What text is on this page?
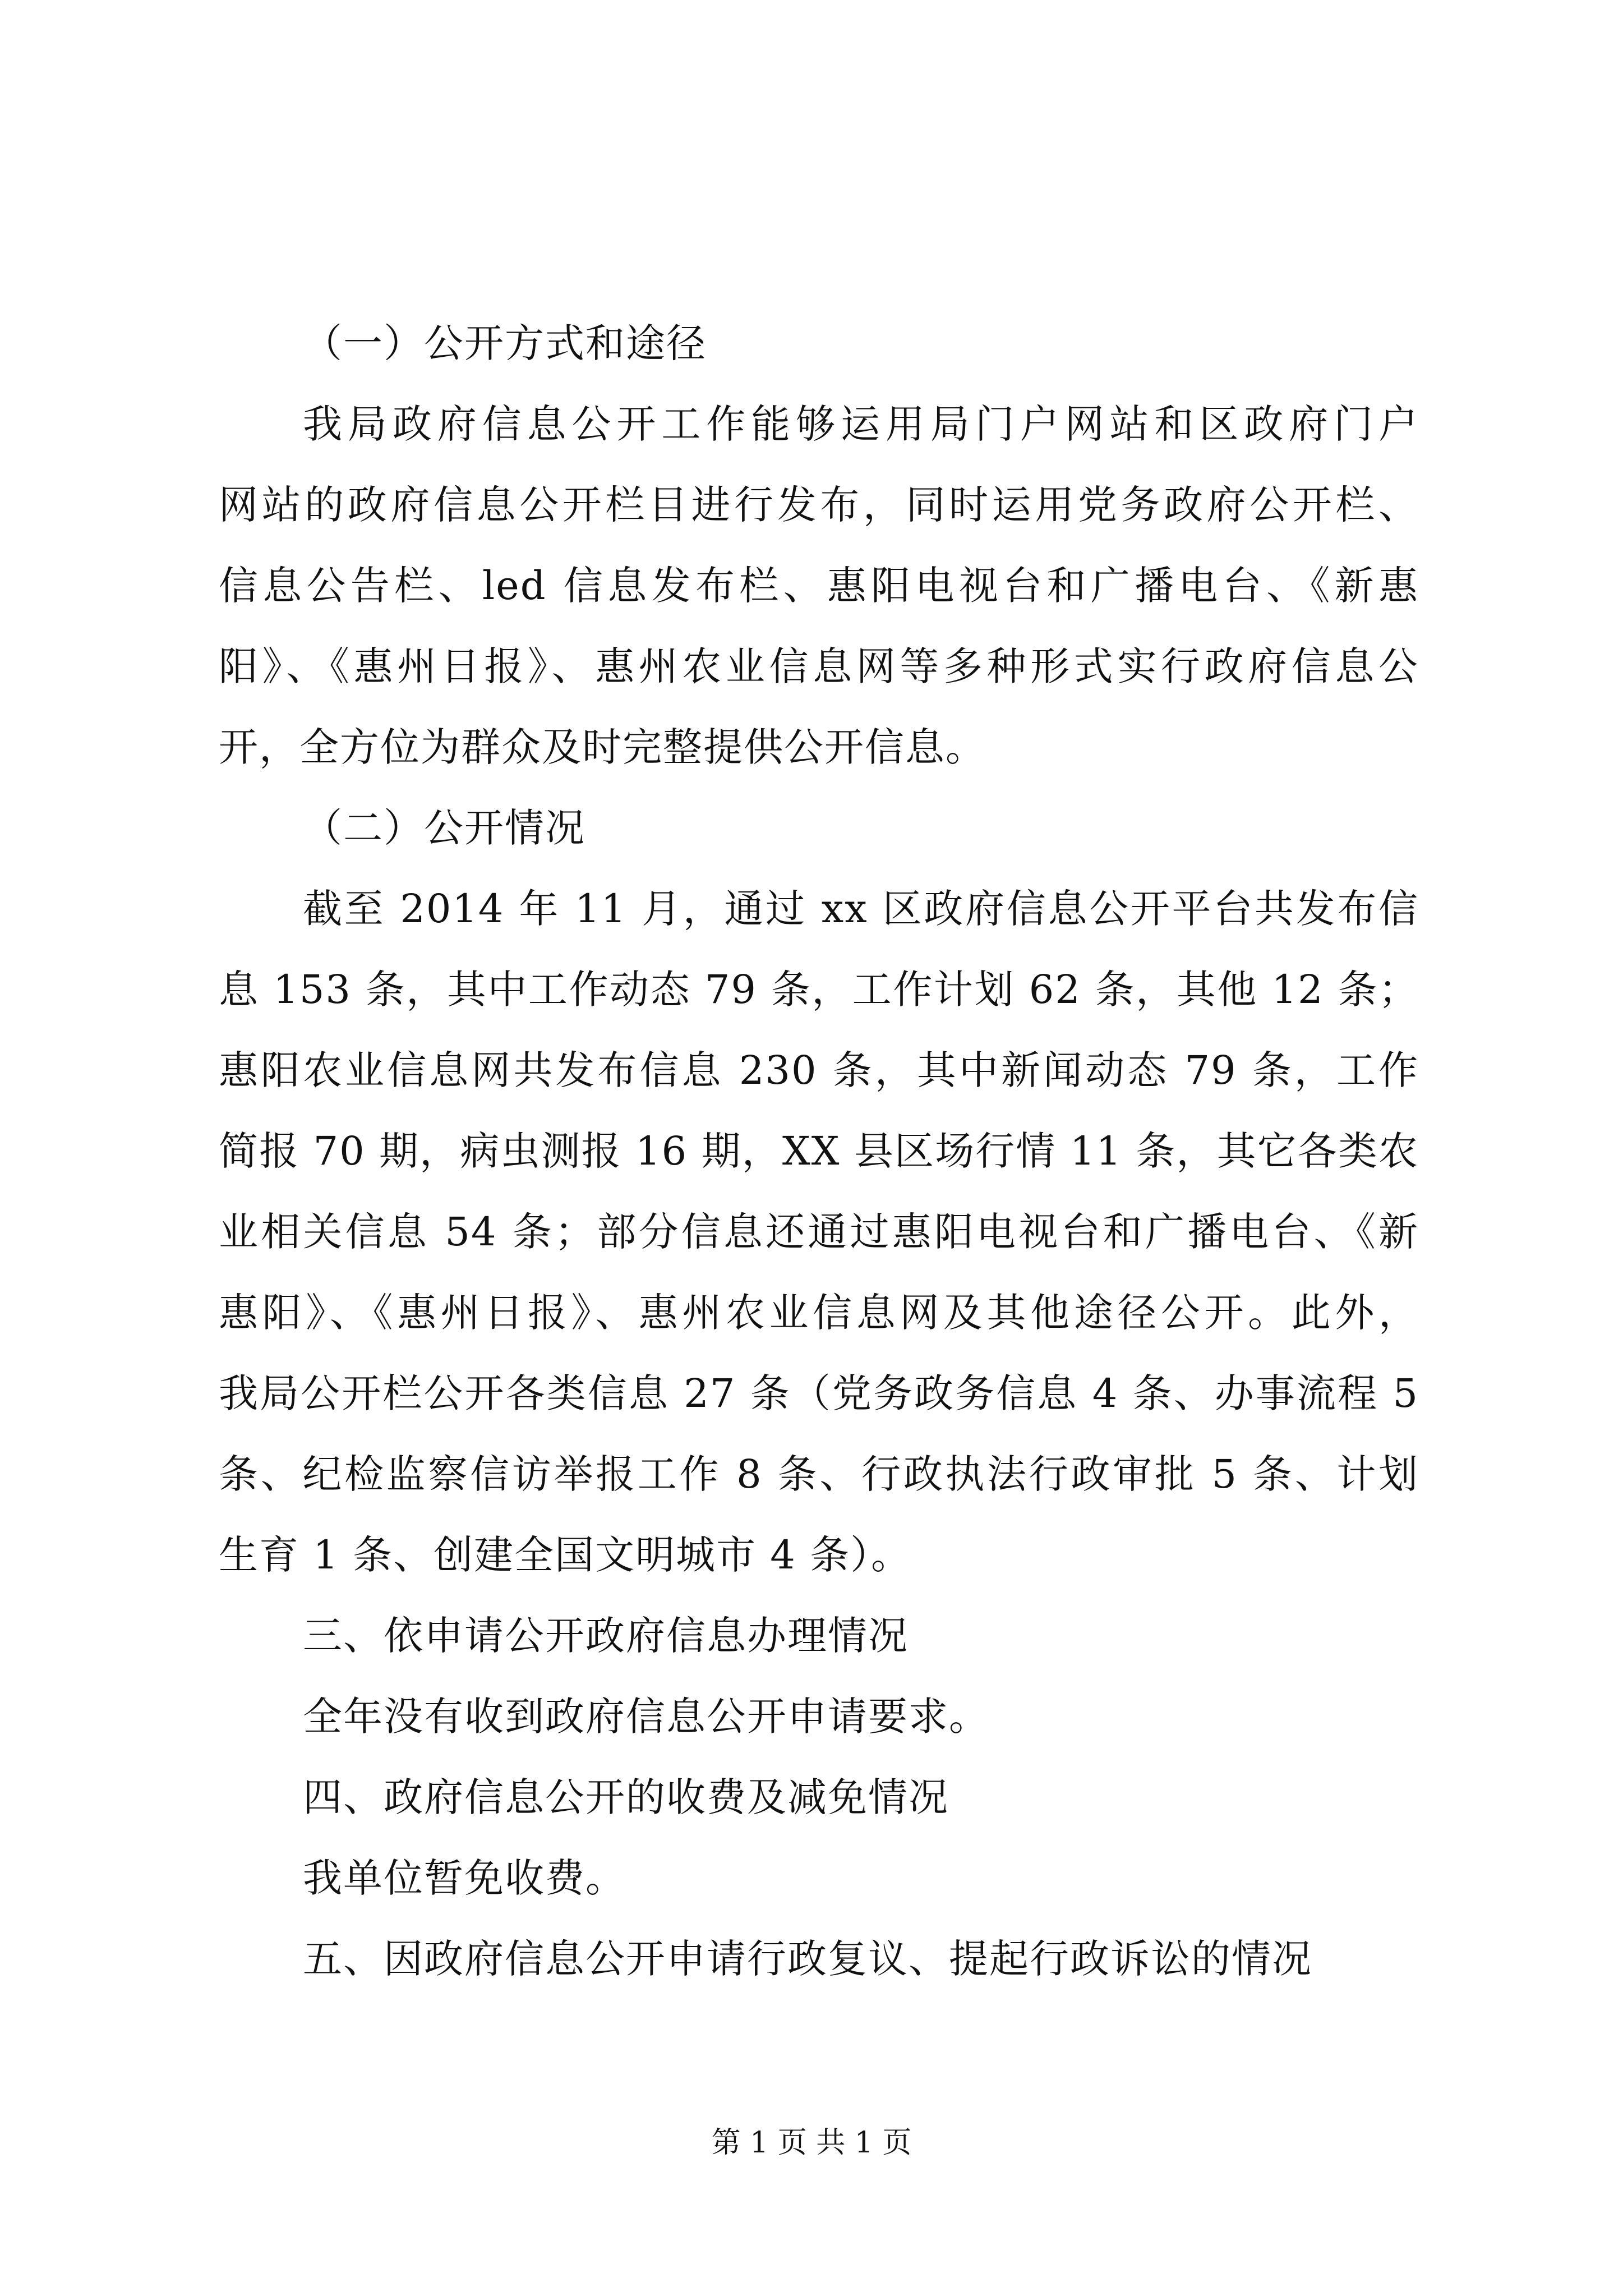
（一）公开方式和途径
我局政府信息公开工作能够运用局门户网站和区政府门户
网站的政府信息公开栏目进行发布，同时运用党务政府公开栏、
信息公告栏、led 信息发布栏、惠阳电视台和广播电台、《新惠
阳》、《惠州日报》、惠州农业信息网等多种形式实行政府信息公
开，全方位为群众及时完整提供公开信息。
（二）公开情况
截至 2014 年 11 月，通过 xx 区政府信息公开平台共发布信
息 153 条，其中工作动态 79 条，工作计划 62 条，其他 12 条；
惠阳农业信息网共发布信息 230 条，其中新闻动态 79 条，工作
简报 70 期，病虫测报 16 期，XX 县区场行情 11 条，其它各类农
业相关信息 54 条；部分信息还通过惠阳电视台和广播电台、《新
惠阳》、《惠州日报》、惠州农业信息网及其他途径公开。此外，
我局公开栏公开各类信息 27 条（党务政务信息 4 条、办事流程 5
条、纪检监察信访举报工作 8 条、行政执法行政审批 5 条、计划
生育 1 条、创建全国文明城市 4 条）。
三、依申请公开政府信息办理情况
全年没有收到政府信息公开申请要求。
四、政府信息公开的收费及减免情况
我单位暂免收费。
五、因政府信息公开申请行政复议、提起行政诉讼的情况
第 1 页 共 1 页
